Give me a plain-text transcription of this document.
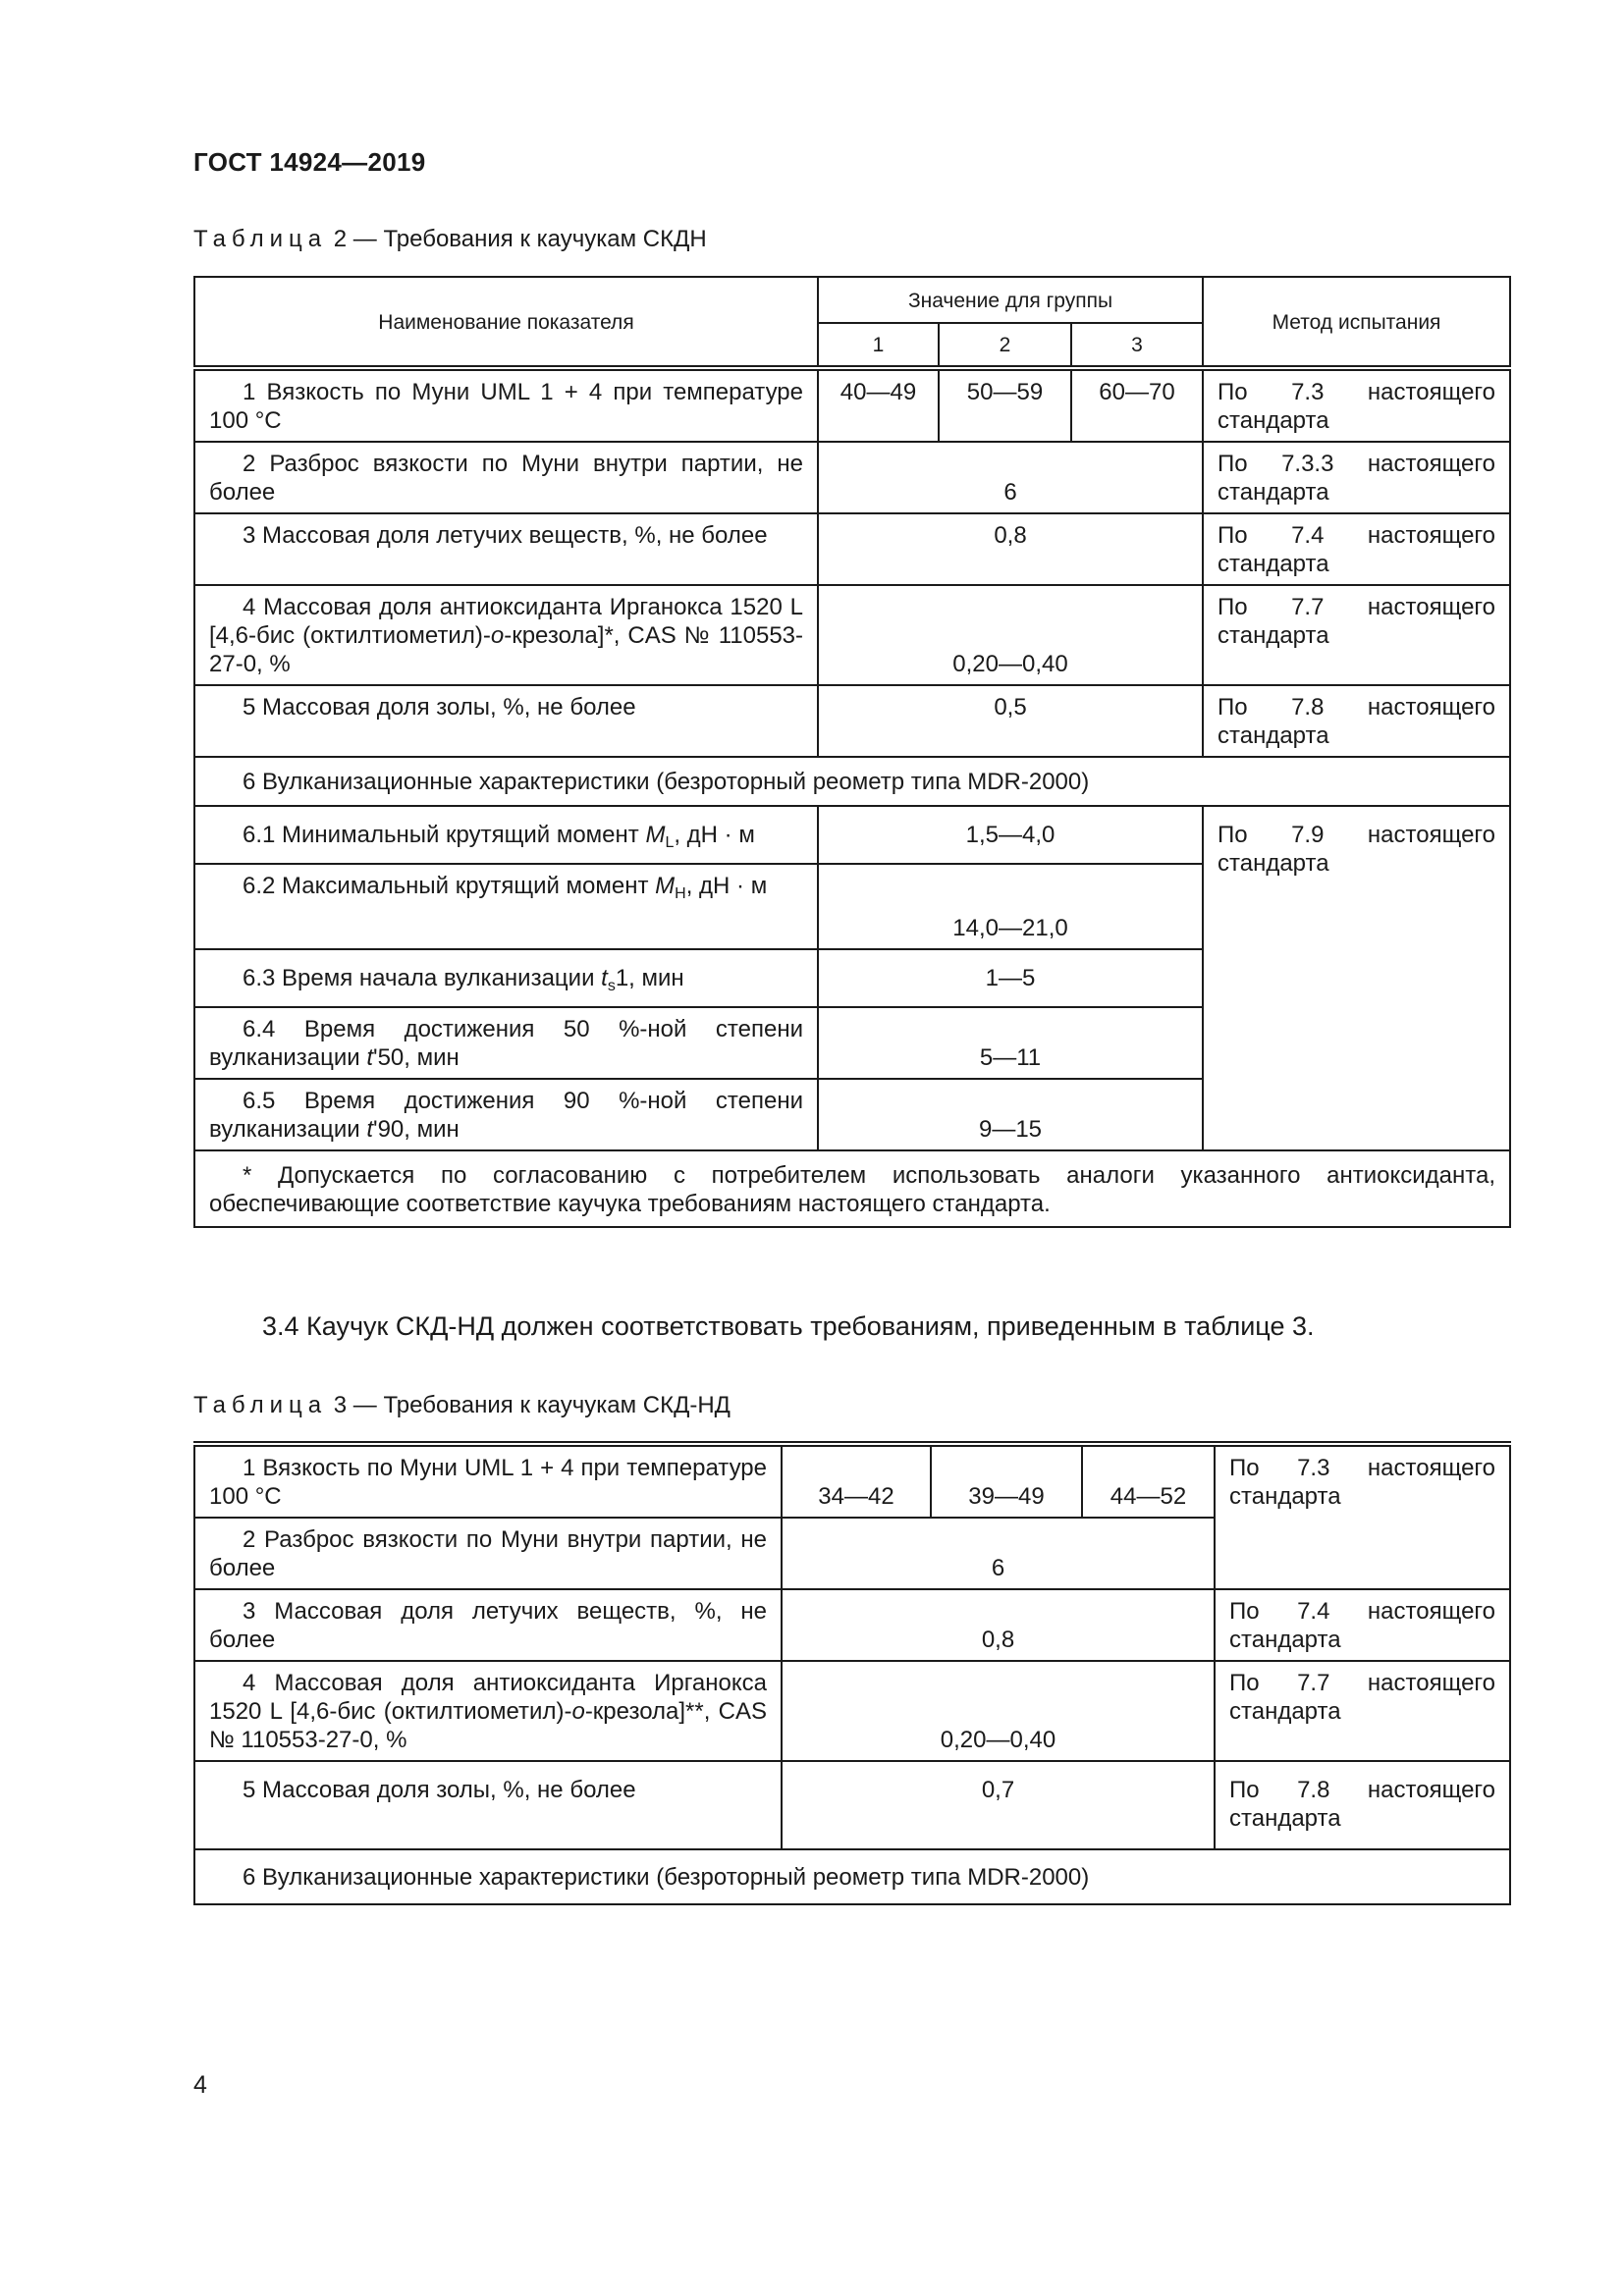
ГОСТ 14924—2019
Таблица 2 — Требования к каучукам СКДН
Наименование показателя	Значение для группы			Метод испытания
	1	2	3	
1 Вязкость по Муни UML 1 + 4 при температуре 100 °С	40—49	50—59	60—70	По 7.3 настоящего
стандарта

2 Разброс вязкости по Муни внутри партии, не более	6			По 7.3.3 настоящего
стандарта

3 Массовая доля летучих веществ, %, не более	0,8			По 7.4 настоящего
стандарта

4 Массовая доля антиоксиданта Ирганокса 1520 L [4,6-бис (октилтиометил)-о-крезола]*, CAS № 110553-27-0, %	0,20—0,40			По 7.7 настоящего
стандарта

5 Массовая доля золы, %, не более	0,5			По 7.8 настоящего
стандарта

6 Вулканизационные характеристики (безроторный реометр типа MDR-2000)				
6.1 Минимальный крутящий момент $M_L$, дН · м	1,5—4,0			По 7.9 настоящего
стандарта

6.2 Максимальный крутящий момент $M_H$, дН · м	14,0—21,0			
6.3 Время начала вулканизации $t_s1$, мин	1—5			
6.4 Время достижения 50 %-ной степени вулканизации t'50, мин	5—11			
6.5 Время достижения 90 %-ной степени вулканизации t'90, мин	9—15			
* Допускается по согласованию с потребителем использовать аналоги указанного антиоксиданта, обеспечивающие соответствие каучука требованиям настоящего стандарта.				
3.4 Каучук СКД-НД должен соответствовать требованиям, приведенным в таблице 3.
Таблица 3 — Требования к каучукам СКД-НД
1 Вязкость по Муни UML 1 + 4 при температуре 100 °С	34—42	39—49	44—52	По 7.3 настоящего
стандарта

2 Разброс вязкости по Муни внутри партии, не более	6			
3 Массовая доля летучих веществ, %, не более	0,8			По 7.4 настоящего
стандарта

4 Массовая доля антиоксиданта Ирганокса 1520 L [4,6-бис (октилтиометил)-о-крезола]**, CAS № 110553-27-0, %	0,20—0,40			По 7.7 настоящего
стандарта

5 Массовая доля золы, %, не более	0,7			По 7.8 настоящего
стандарта

6 Вулканизационные характеристики (безроторный реометр типа MDR-2000)				
4
